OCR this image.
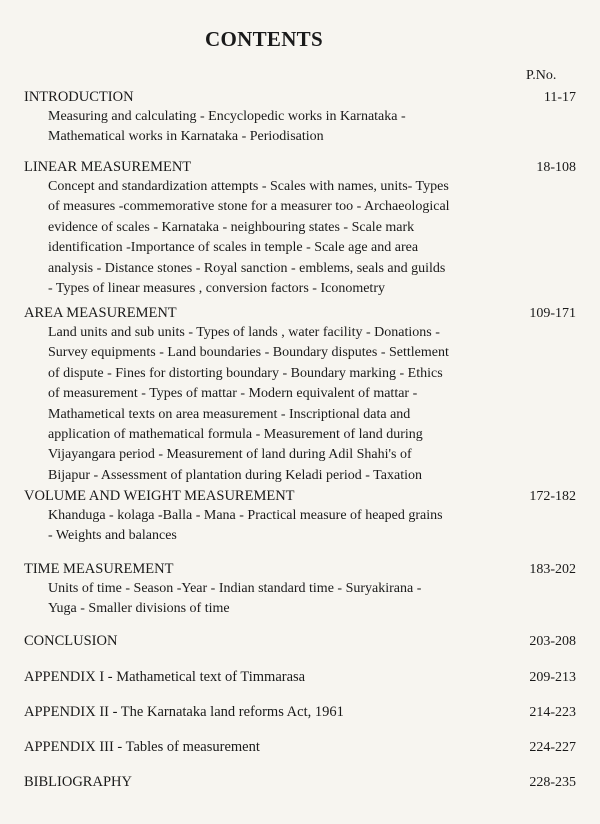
CONTENTS
P.No.
INTRODUCTION	11-17
Measuring and calculating - Encyclopedic works in Karnataka -
Mathematical works in Karnataka - Periodisation
LINEAR MEASUREMENT	18-108
Concept and standardization attempts - Scales with names, units- Types
of measures -commemorative stone for a measurer too - Archaeological
evidence of scales - Karnataka - neighbouring states - Scale mark
identification -Importance of scales in temple - Scale age and area
analysis - Distance stones - Royal sanction - emblems, seals and guilds
- Types of linear measures , conversion factors - Iconometry
AREA MEASUREMENT	109-171
Land units and sub units - Types of lands , water facility - Donations -
Survey equipments - Land boundaries - Boundary disputes - Settlement
of dispute - Fines for distorting boundary - Boundary marking - Ethics
of measurement - Types of mattar - Modern equivalent of mattar -
Mathametical texts on area measurement - Inscriptional data and
application of mathematical formula - Measurement of land during
Vijayangara period - Measurement of land during Adil Shahi's of
Bijapur - Assessment of plantation during Keladi period - Taxation
VOLUME AND WEIGHT MEASUREMENT	172-182
Khanduga - kolaga -Balla - Mana - Practical measure of heaped grains
- Weights and balances
TIME MEASUREMENT	183-202
Units of time - Season -Year - Indian standard time - Suryakirana -
Yuga - Smaller divisions of time
CONCLUSION	203-208
APPENDIX I - Mathametical text of Timmarasa	209-213
APPENDIX II - The Karnataka land reforms Act, 1961	214-223
APPENDIX III - Tables of measurement	224-227
BIBLIOGRAPHY	228-235
